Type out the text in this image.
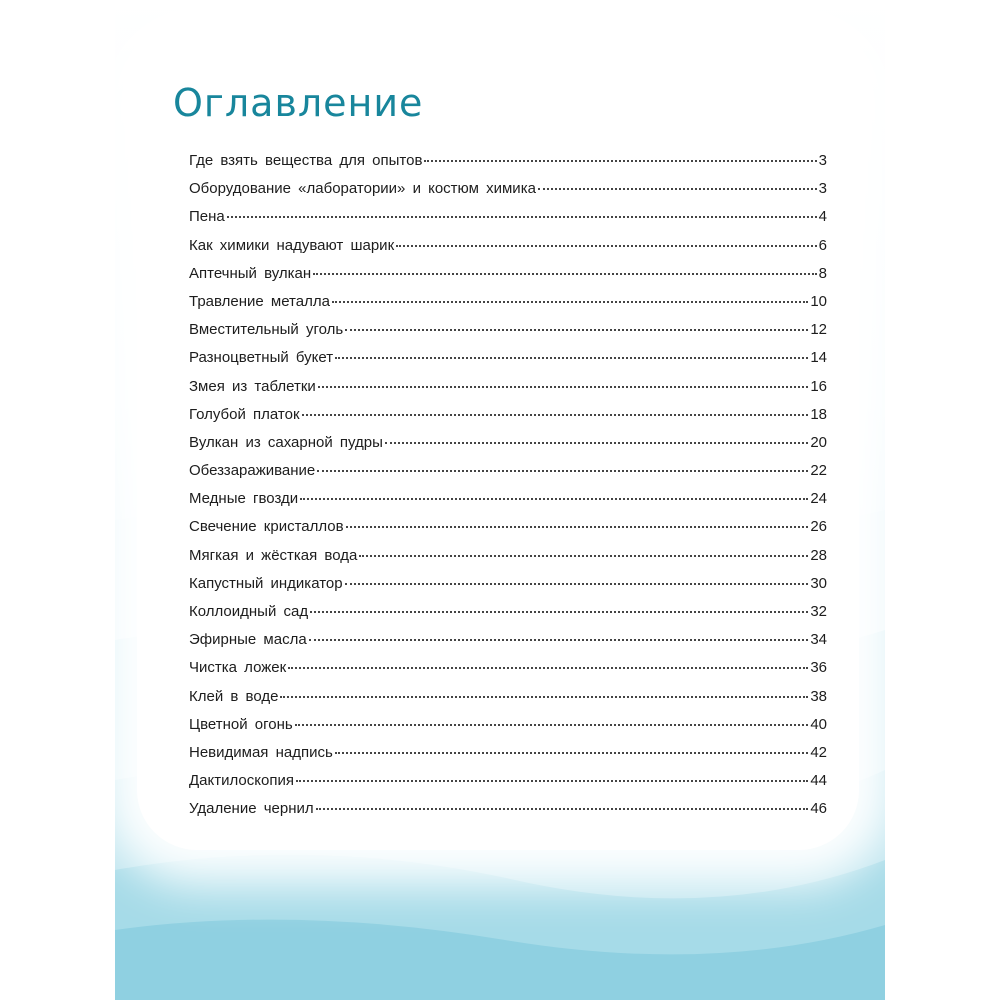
Оглавление
Где взять вещества для опытов	3
Оборудование «лаборатории» и костюм химика	3
Пена	4
Как химики надувают шарик	6
Аптечный вулкан	8
Травление металла	10
Вместительный уголь	12
Разноцветный букет	14
Змея из таблетки	16
Голубой платок	18
Вулкан из сахарной пудры	20
Обеззараживание	22
Медные гвозди	24
Свечение кристаллов	26
Мягкая и жёсткая вода	28
Капустный индикатор	30
Коллоидный сад	32
Эфирные масла	34
Чистка ложек	36
Клей в воде	38
Цветной огонь	40
Невидимая надпись	42
Дактилоскопия	44
Удаление чернил	46
